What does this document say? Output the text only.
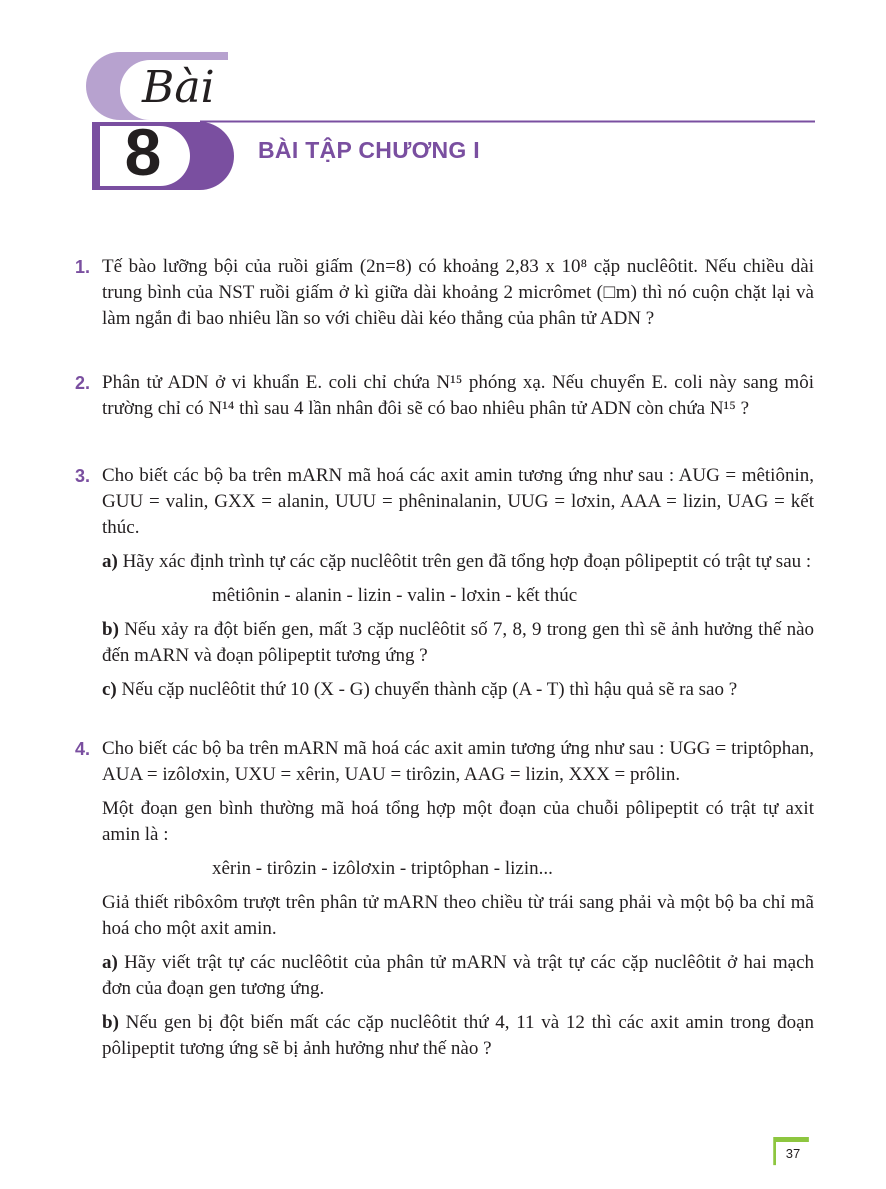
Bài
8	BÀI TẬP CHƯƠNG I
1. Tế bào lưỡng bội của ruồi giấm (2n=8) có khoảng 2,83 x 10⁸ cặp nuclêôtit. Nếu chiều dài trung bình của NST ruồi giấm ở kì giữa dài khoảng 2 micrômet (□m) thì nó cuộn chặt lại và làm ngắn đi bao nhiêu lần so với chiều dài kéo thẳng của phân tử ADN ?

2. Phân tử ADN ở vi khuẩn E. coli chỉ chứa N¹⁵ phóng xạ. Nếu chuyển E. coli này sang môi trường chỉ có N¹⁴ thì sau 4 lần nhân đôi sẽ có bao nhiêu phân tử ADN còn chứa N¹⁵ ?

3. Cho biết các bộ ba trên mARN mã hoá các axit amin tương ứng như sau : AUG = mêtiônin, GUU = valin, GXX = alanin, UUU = phêninalanin, UUG = lơxin, AAA = lizin, UAG = kết thúc.

a) Hãy xác định trình tự các cặp nuclêôtit trên gen đã tổng hợp đoạn pôlipeptit có trật tự sau :

mêtiônin - alanin - lizin - valin - lơxin - kết thúc

b) Nếu xảy ra đột biến gen, mất 3 cặp nuclêôtit số 7, 8, 9 trong gen thì sẽ ảnh hưởng thế nào đến mARN và đoạn pôlipeptit tương ứng ?

c) Nếu cặp nuclêôtit thứ 10 (X - G) chuyển thành cặp (A - T) thì hậu quả sẽ ra sao ?

4. Cho biết các bộ ba trên mARN mã hoá các axit amin tương ứng như sau : UGG = triptôphan, AUA = izôlơxin, UXU = xêrin, UAU = tirôzin, AAG = lizin, XXX = prôlin.

Một đoạn gen bình thường mã hoá tổng hợp một đoạn của chuỗi pôlipeptit có trật tự axit amin là :

xêrin - tirôzin - izôlơxin - triptôphan - lizin...

Giả thiết ribôxôm trượt trên phân tử mARN theo chiều từ trái sang phải và một bộ ba chỉ mã hoá cho một axit amin.

a) Hãy viết trật tự các nuclêôtit của phân tử mARN và trật tự các cặp nuclêôtit ở hai mạch đơn của đoạn gen tương ứng.

b) Nếu gen bị đột biến mất các cặp nuclêôtit thứ 4, 11 và 12 thì các axit amin trong đoạn pôlipeptit tương ứng sẽ bị ảnh hưởng như thế nào ?

37
